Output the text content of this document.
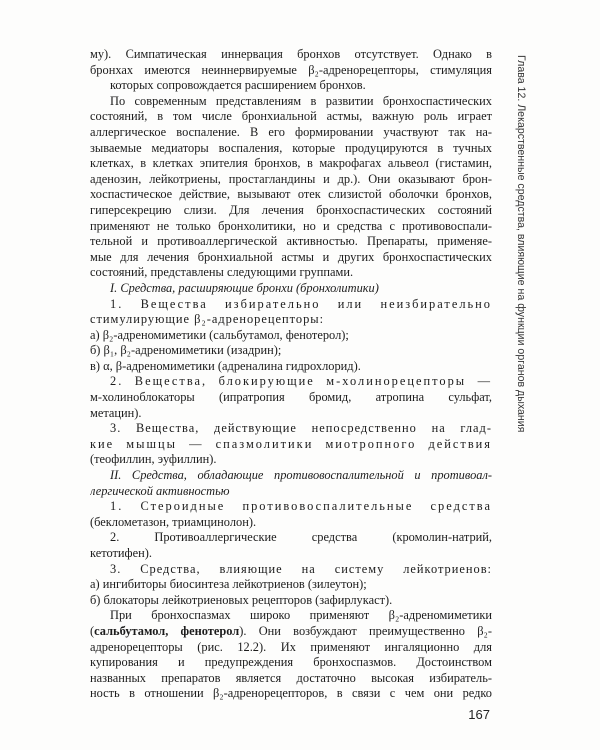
му). Симпатическая иннервация бронхов отсутствует. Однако в
бронхах имеются неиннервируемые β₂-адренорецепторы, стимуляция
которых сопровождается расширением бронхов.
По современным представлениям в развитии бронхоспастических
состояний, в том числе бронхиальной астмы, важную роль играет
аллергическое воспаление. В его формировании участвуют так на-
зываемые медиаторы воспаления, которые продуцируются в тучных
клетках, в клетках эпителия бронхов, в макрофагах альвеол (гистамин,
аденозин, лейкотриены, простагландины и др.). Они оказывают брон-
хоспастическое действие, вызывают отек слизистой оболочки бронхов,
гиперсекрецию слизи. Для лечения бронхоспастических состояний
применяют не только бронхолитики, но и средства с противовоспали-
тельной и противоаллергической активностью. Препараты, применяе-
мые для лечения бронхиальной астмы и других бронхоспастических
состояний, представлены следующими группами.
I. Средства, расширяющие бронхи (бронхолитики)
1. Вещества избирательно или неизбирательно
стимулирующие β₂-адренорецепторы:
а) β₂-адреномиметики (сальбутамол, фенотерол);
б) β₁, β₂-адреномиметики (изадрин);
в) α, β-адреномиметики (адреналина гидрохлорид).
2. Вещества, блокирующие м-холинорецепторы —
м-холиноблокаторы (ипратропия бромид, атропина сульфат,
метацин).
3. Вещества, действующие непосредственно на глад-
кие мышцы — спазмолитики миотропного действия
(теофиллин, эуфиллин).
II. Средства, обладающие противовоспалительной и противоал-
лергической активностью
1. Стероидные противовоспалительные средства
(беклометазон, триамцинолон).
2. Противоаллергические средства (кромолин-натрий,
кетотифен).
3. Средства, влияющие на систему лейкотриенов:
а) ингибиторы биосинтеза лейкотриенов (зилеутон);
б) блокаторы лейкотриеновых рецепторов (зафирлукаст).
При бронхоспазмах широко применяют β₂-адреномиметики
(сальбутамол, фенотерол). Они возбуждают преимущественно β₂-
адренорецепторы (рис. 12.2). Их применяют ингаляционно для
купирования и предупреждения бронхоспазмов. Достоинством
названных препаратов является достаточно высокая избиратель-
ность в отношении β₂-адренорецепторов, в связи с чем они редко
Глава 12. Лекарственные средства, влияющие на функции органов дыхания
167
